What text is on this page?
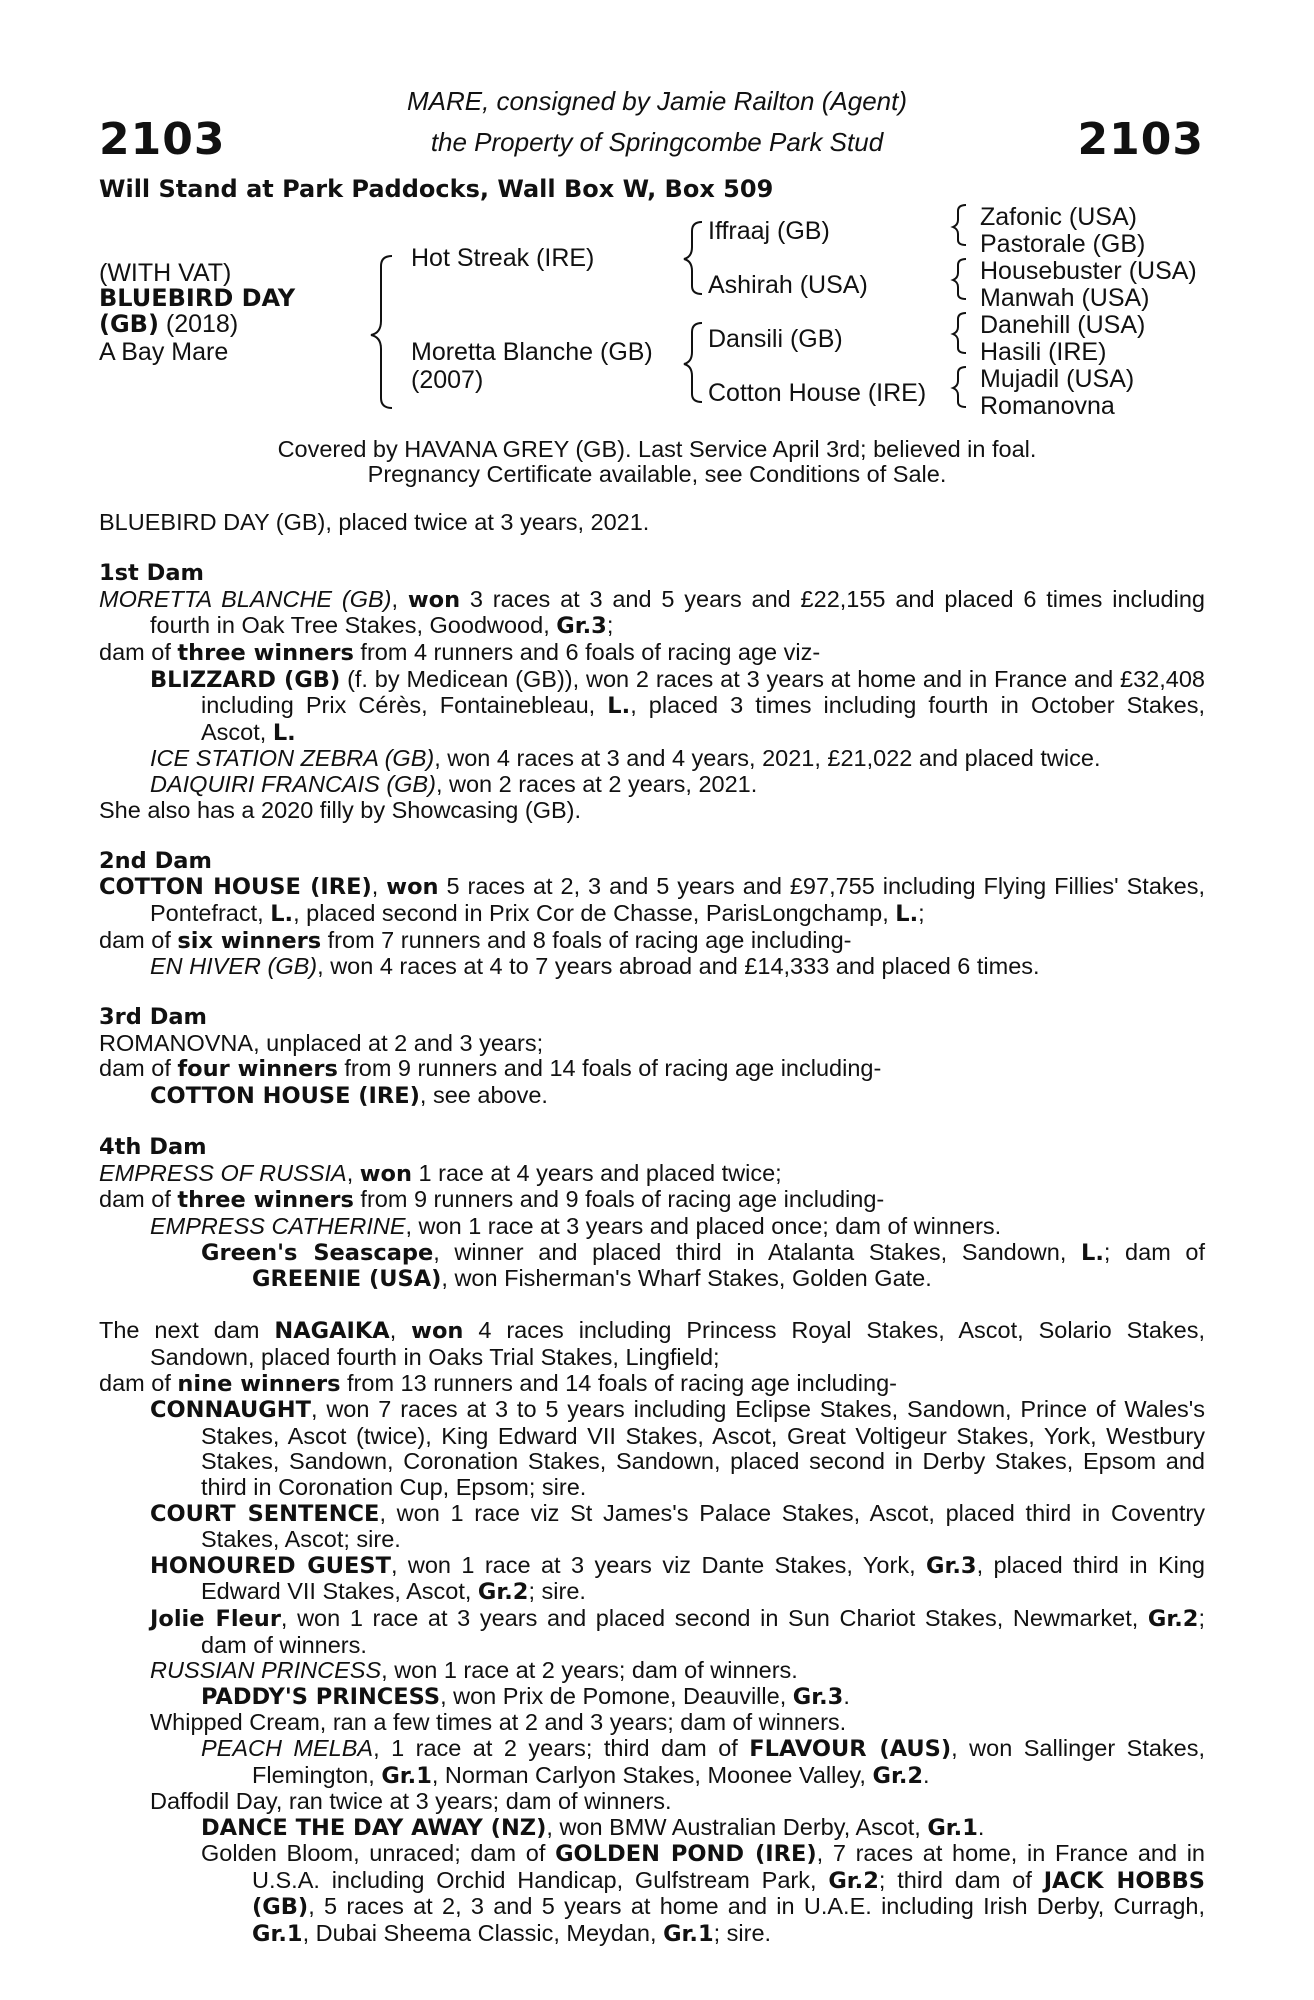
2103	2103
MARE, consigned by Jamie Railton (Agent)
the Property of Springcombe Park Stud
Will Stand at Park Paddocks, Wall Box W, Box 509
(WITH VAT)
BLUEBIRD DAY
(GB) (2018)
A Bay Mare
Hot Streak (IRE)
Moretta Blanche (GB)
(2007)
Iffraaj (GB)
Ashirah (USA)
Dansili (GB)
Cotton House (IRE)
Zafonic (USA)
Pastorale (GB)
Housebuster (USA)
Manwah (USA)
Danehill (USA)
Hasili (IRE)
Mujadil (USA)
Romanovna
Covered by HAVANA GREY (GB). Last Service April 3rd; believed in foal.
Pregnancy Certificate available, see Conditions of Sale.

BLUEBIRD DAY (GB), placed twice at 3 years, 2021.

1st Dam

MORETTA BLANCHE (GB), won 3 races at 3 and 5 years and £22,155 and placed 6 times including fourth in Oak Tree Stakes, Goodwood, Gr.3;

dam of three winners from 4 runners and 6 foals of racing age viz-

BLIZZARD (GB) (f. by Medicean (GB)), won 2 races at 3 years at home and in France and £32,408 including Prix Cérès, Fontainebleau, L., placed 3 times including fourth in October Stakes, Ascot, L.

ICE STATION ZEBRA (GB), won 4 races at 3 and 4 years, 2021, £21,022 and placed twice.

DAIQUIRI FRANCAIS (GB), won 2 races at 2 years, 2021.

She also has a 2020 filly by Showcasing (GB).

2nd Dam

COTTON HOUSE (IRE), won 5 races at 2, 3 and 5 years and £97,755 including Flying Fillies' Stakes, Pontefract, L., placed second in Prix Cor de Chasse, ParisLongchamp, L.;

dam of six winners from 7 runners and 8 foals of racing age including-

EN HIVER (GB), won 4 races at 4 to 7 years abroad and £14,333 and placed 6 times.

3rd Dam

ROMANOVNA, unplaced at 2 and 3 years;

dam of four winners from 9 runners and 14 foals of racing age including-

COTTON HOUSE (IRE), see above.

4th Dam

EMPRESS OF RUSSIA, won 1 race at 4 years and placed twice;

dam of three winners from 9 runners and 9 foals of racing age including-

EMPRESS CATHERINE, won 1 race at 3 years and placed once; dam of winners.

Green's Seascape, winner and placed third in Atalanta Stakes, Sandown, L.; dam of GREENIE (USA), won Fisherman's Wharf Stakes, Golden Gate.

The next dam NAGAIKA, won 4 races including Princess Royal Stakes, Ascot, Solario Stakes, Sandown, placed fourth in Oaks Trial Stakes, Lingfield;

dam of nine winners from 13 runners and 14 foals of racing age including-

CONNAUGHT, won 7 races at 3 to 5 years including Eclipse Stakes, Sandown, Prince of Wales's Stakes, Ascot (twice), King Edward VII Stakes, Ascot, Great Voltigeur Stakes, York, Westbury Stakes, Sandown, Coronation Stakes, Sandown, placed second in Derby Stakes, Epsom and third in Coronation Cup, Epsom; sire.

COURT SENTENCE, won 1 race viz St James's Palace Stakes, Ascot, placed third in Coventry Stakes, Ascot; sire.

HONOURED GUEST, won 1 race at 3 years viz Dante Stakes, York, Gr.3, placed third in King Edward VII Stakes, Ascot, Gr.2; sire.

Jolie Fleur, won 1 race at 3 years and placed second in Sun Chariot Stakes, Newmarket, Gr.2; dam of winners.

RUSSIAN PRINCESS, won 1 race at 2 years; dam of winners.

PADDY'S PRINCESS, won Prix de Pomone, Deauville, Gr.3.

Whipped Cream, ran a few times at 2 and 3 years; dam of winners.

PEACH MELBA, 1 race at 2 years; third dam of FLAVOUR (AUS), won Sallinger Stakes, Flemington, Gr.1, Norman Carlyon Stakes, Moonee Valley, Gr.2.

Daffodil Day, ran twice at 3 years; dam of winners.

DANCE THE DAY AWAY (NZ), won BMW Australian Derby, Ascot, Gr.1.

Golden Bloom, unraced; dam of GOLDEN POND (IRE), 7 races at home, in France and in U.S.A. including Orchid Handicap, Gulfstream Park, Gr.2; third dam of JACK HOBBS (GB), 5 races at 2, 3 and 5 years at home and in U.A.E. including Irish Derby, Curragh, Gr.1, Dubai Sheema Classic, Meydan, Gr.1; sire.
